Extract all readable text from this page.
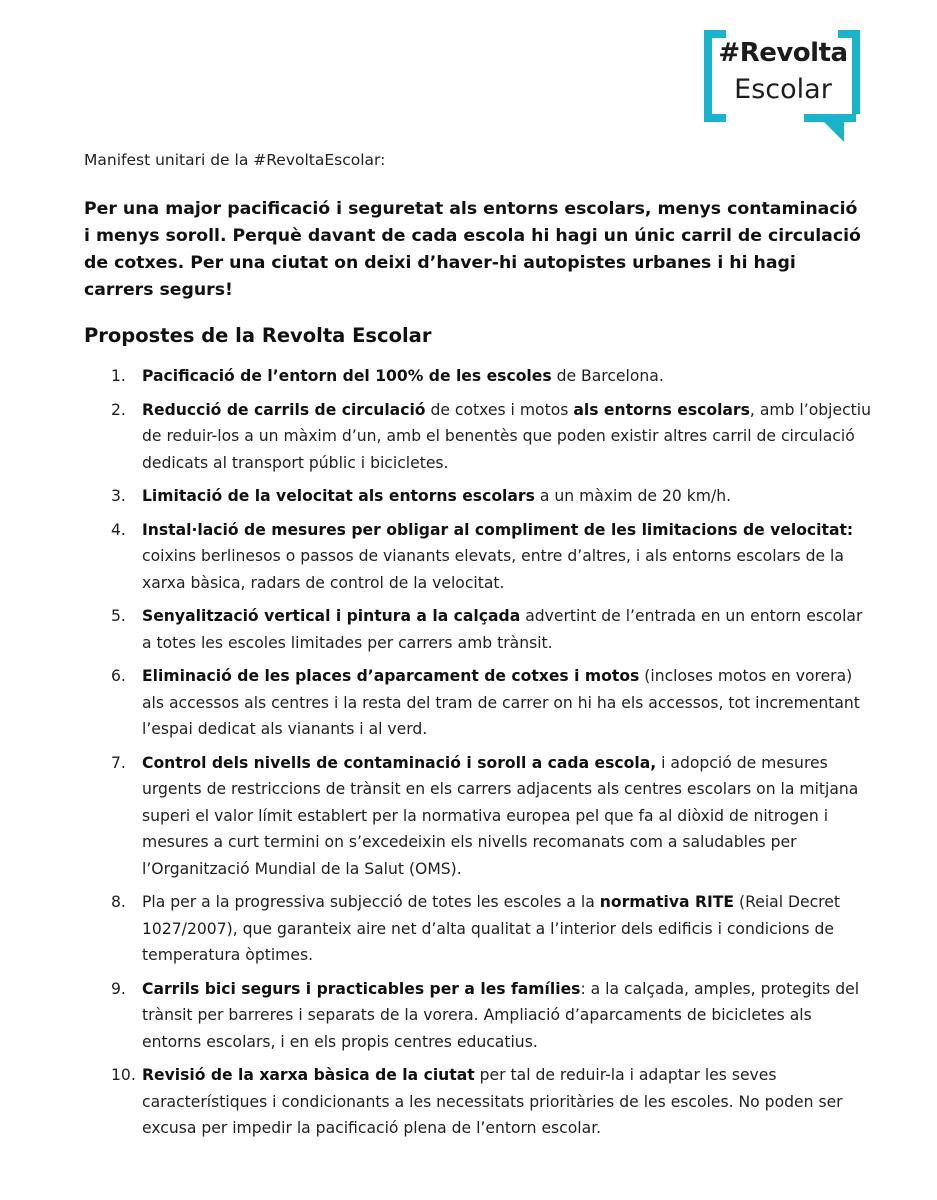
#Revolta
Escolar
Manifest unitari de la #RevoltaEscolar:
Per una major pacificació i seguretat als entorns escolars, menys contaminació i menys soroll. Perquè davant de cada escola hi hagi un únic carril de circulació de cotxes. Per una ciutat on deixi d’haver-hi autopistes urbanes i hi hagi carrers segurs!
Propostes de la Revolta Escolar
1.	Pacificació de l’entorn del 100% de les escoles de Barcelona.
2.	Reducció de carrils de circulació de cotxes i motos als entorns escolars, amb l’objectiu de reduir-los a un màxim d’un, amb el benentès que poden existir altres carril de circulació dedicats al transport públic i bicicletes.
3.	Limitació de la velocitat als entorns escolars a un màxim de 20 km/h.
4.	Instal·lació de mesures per obligar al compliment de les limitacions de velocitat: coixins berlinesos o passos de vianants elevats, entre d’altres, i als entorns escolars de la xarxa bàsica, radars de control de la velocitat.
5.	Senyalització vertical i pintura a la calçada advertint de l’entrada en un entorn escolar a totes les escoles limitades per carrers amb trànsit.
6.	Eliminació de les places d’aparcament de cotxes i motos (incloses motos en vorera) als accessos als centres i la resta del tram de carrer on hi ha els accessos, tot incrementant l’espai dedicat als vianants i al verd.
7.	Control dels nivells de contaminació i soroll a cada escola, i adopció de mesures urgents de restriccions de trànsit en els carrers adjacents als centres escolars on la mitjana superi el valor límit establert per la normativa europea pel que fa al diòxid de nitrogen i mesures a curt termini on s’excedeixin els nivells recomanats com a saludables per l’Organització Mundial de la Salut (OMS).
8.	Pla per a la progressiva subjecció de totes les escoles a la normativa RITE (Reial Decret 1027/2007), que garanteix aire net d’alta qualitat a l’interior dels edificis i condicions de temperatura òptimes.
9.	Carrils bici segurs i practicables per a les famílies: a la calçada, amples, protegits del trànsit per barreres i separats de la vorera. Ampliació d’aparcaments de bicicletes als entorns escolars, i en els propis centres educatius.
10. Revisió de la xarxa bàsica de la ciutat per tal de reduir-la i adaptar les seves característiques i condicionants a les necessitats prioritàries de les escoles. No poden ser excusa per impedir la pacificació plena de l’entorn escolar.
